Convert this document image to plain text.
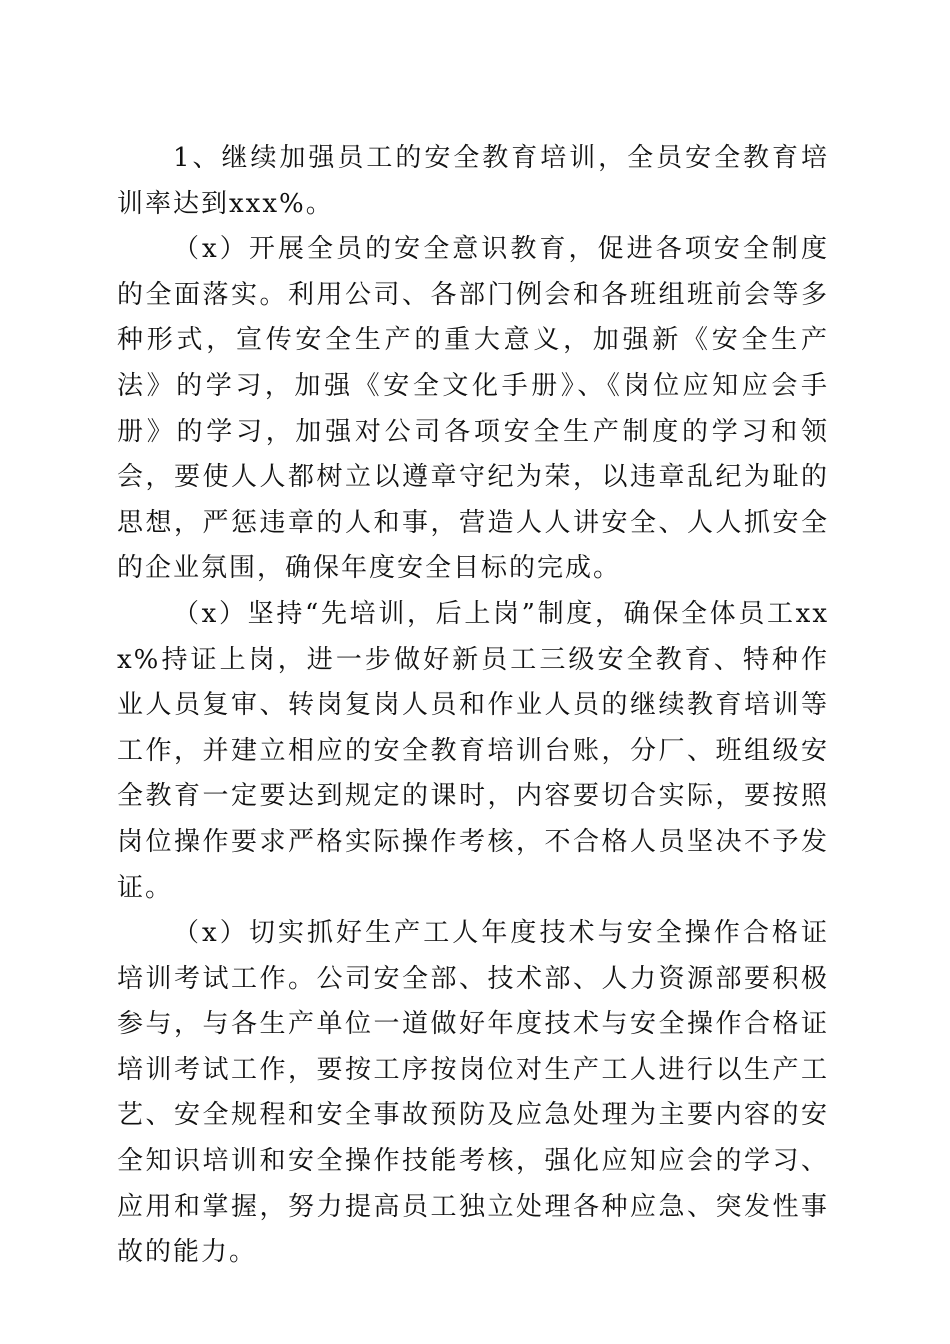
1、继续加强员工的安全教育培训，全员安全教育培训率达到xxx%。

（x）开展全员的安全意识教育，促进各项安全制度的全面落实。利用公司、各部门例会和各班组班前会等多种形式，宣传安全生产的重大意义，加强新《安全生产法》的学习，加强《安全文化手册》、《岗位应知应会手册》的学习，加强对公司各项安全生产制度的学习和领会，要使人人都树立以遵章守纪为荣，以违章乱纪为耻的思想，严惩违章的人和事，营造人人讲安全、人人抓安全的企业氛围，确保年度安全目标的完成。

（x）坚持“先培训，后上岗”制度，确保全体员工xxx%持证上岗，进一步做好新员工三级安全教育、特种作业人员复审、转岗复岗人员和作业人员的继续教育培训等工作，并建立相应的安全教育培训台账，分厂、班组级安全教育一定要达到规定的课时，内容要切合实际，要按照岗位操作要求严格实际操作考核，不合格人员坚决不予发证。

（x）切实抓好生产工人年度技术与安全操作合格证培训考试工作。公司安全部、技术部、人力资源部要积极参与，与各生产单位一道做好年度技术与安全操作合格证培训考试工作，要按工序按岗位对生产工人进行以生产工艺、安全规程和安全事故预防及应急处理为主要内容的安全知识培训和安全操作技能考核，强化应知应会的学习、应用和掌握，努力提高员工独立处理各种应急、突发性事故的能力。
